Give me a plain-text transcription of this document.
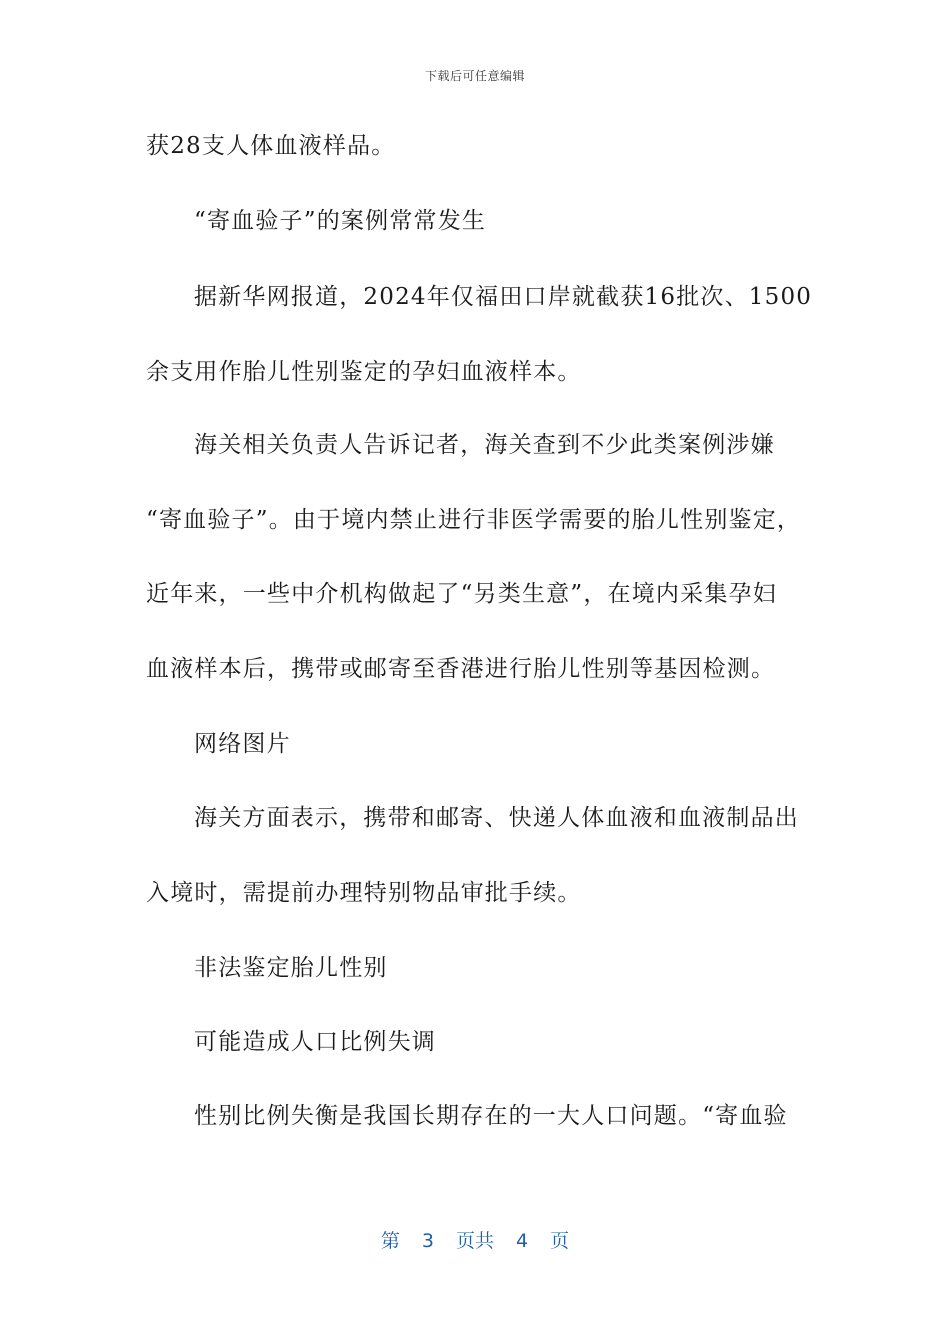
下载后可任意编辑
获28支人体血液样品。
“寄血验子”的案例常常发生
据新华网报道，2024年仅福田口岸就截获16批次、1500
余支用作胎儿性别鉴定的孕妇血液样本。
海关相关负责人告诉记者，海关查到不少此类案例涉嫌
“寄血验子”。由于境内禁止进行非医学需要的胎儿性别鉴定，
近年来，一些中介机构做起了“另类生意”，在境内采集孕妇
血液样本后，携带或邮寄至香港进行胎儿性别等基因检测。
网络图片
海关方面表示，携带和邮寄、快递人体血液和血液制品出
入境时，需提前办理特别物品审批手续。
非法鉴定胎儿性别
可能造成人口比例失调
性别比例失衡是我国长期存在的一大人口问题。“寄血验
第 3 页共 4 页
